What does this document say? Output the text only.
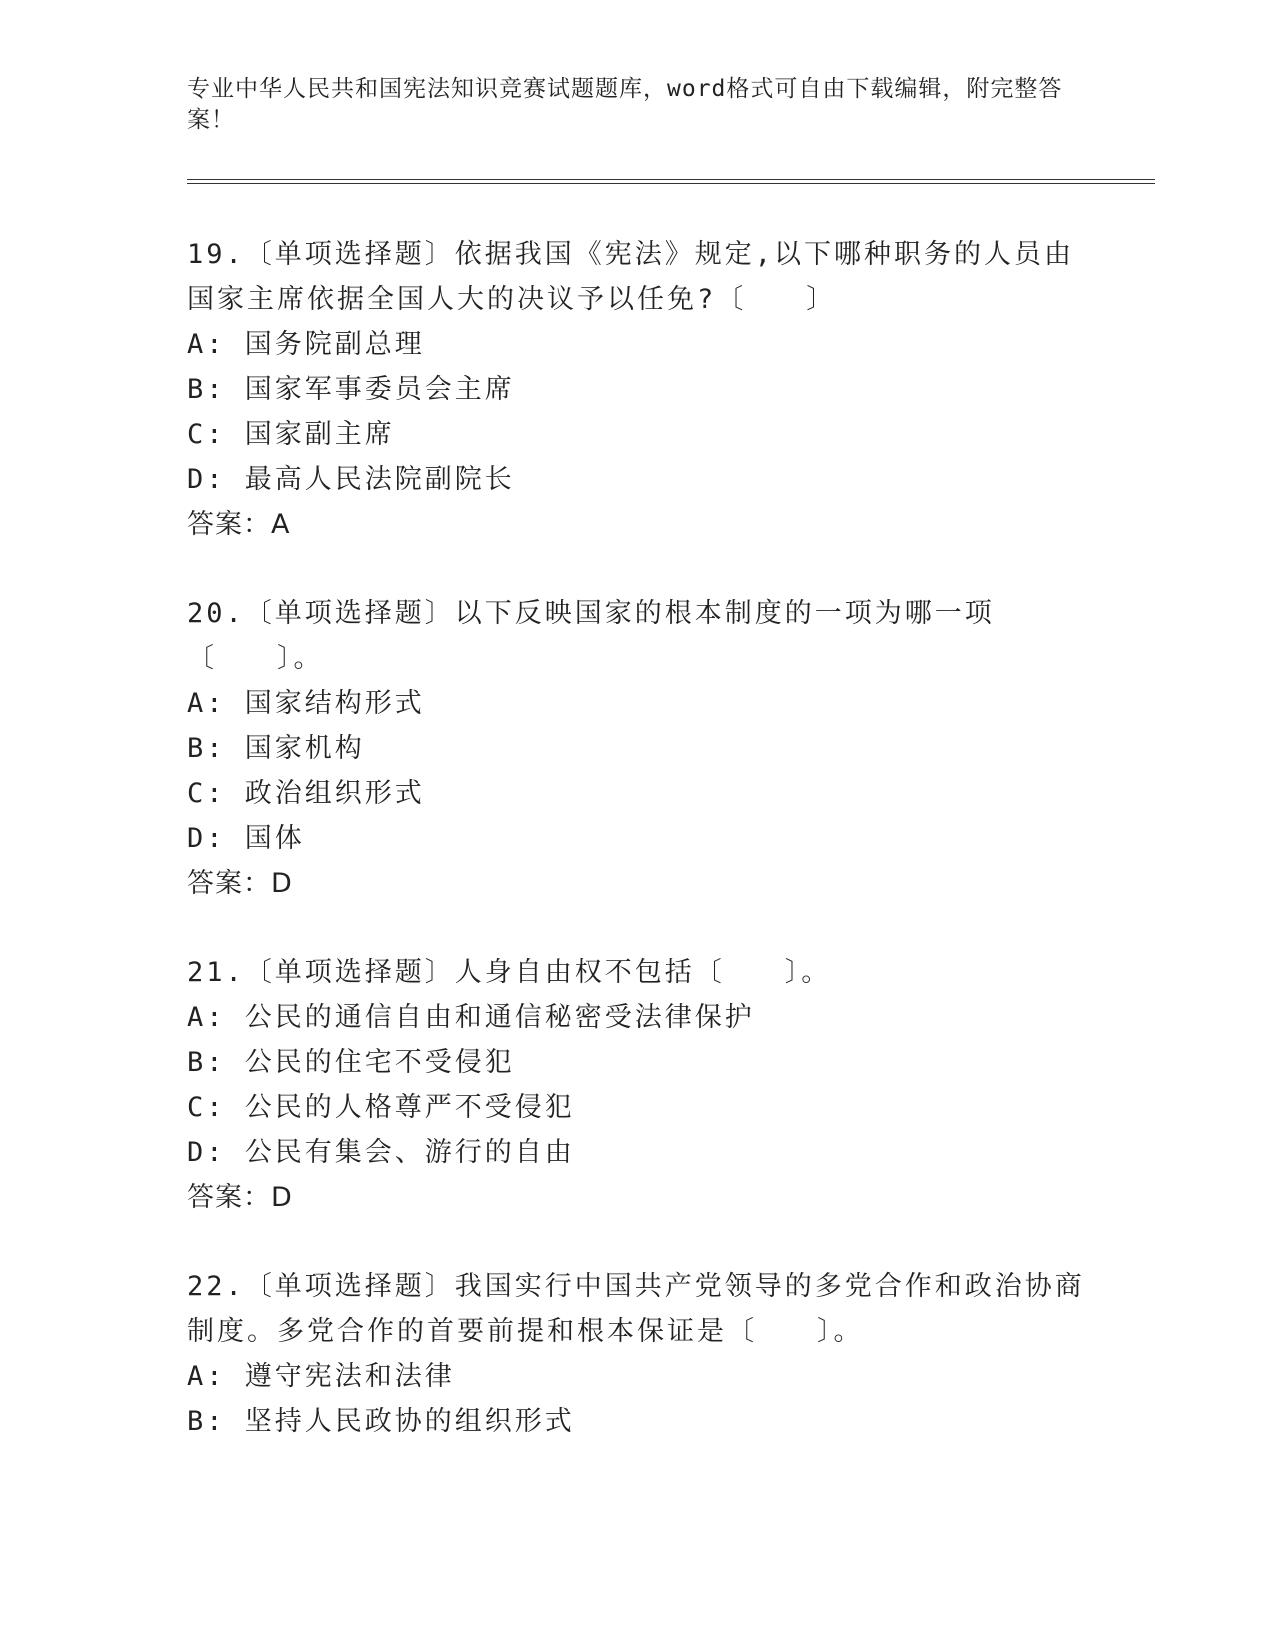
专业中华人民共和国宪法知识竞赛试题题库，word格式可自由下载编辑，附完整答案！

19.〔单项选择题〕依据我国《宪法》规定,以下哪种职务的人员由国家主席依据全国人大的决议予以任免?〔　　〕

A: 国务院副总理

B: 国家军事委员会主席

C: 国家副主席

D: 最高人民法院副院长

答案：A

20.〔单项选择题〕以下反映国家的根本制度的一项为哪一项〔　　〕。

A: 国家结构形式

B: 国家机构

C: 政治组织形式

D: 国体

答案：D

21.〔单项选择题〕人身自由权不包括〔　　〕。

A: 公民的通信自由和通信秘密受法律保护

B: 公民的住宅不受侵犯

C: 公民的人格尊严不受侵犯

D: 公民有集会、游行的自由

答案：D

22.〔单项选择题〕我国实行中国共产党领导的多党合作和政治协商制度。多党合作的首要前提和根本保证是〔　　〕。

A: 遵守宪法和法律

B: 坚持人民政协的组织形式
